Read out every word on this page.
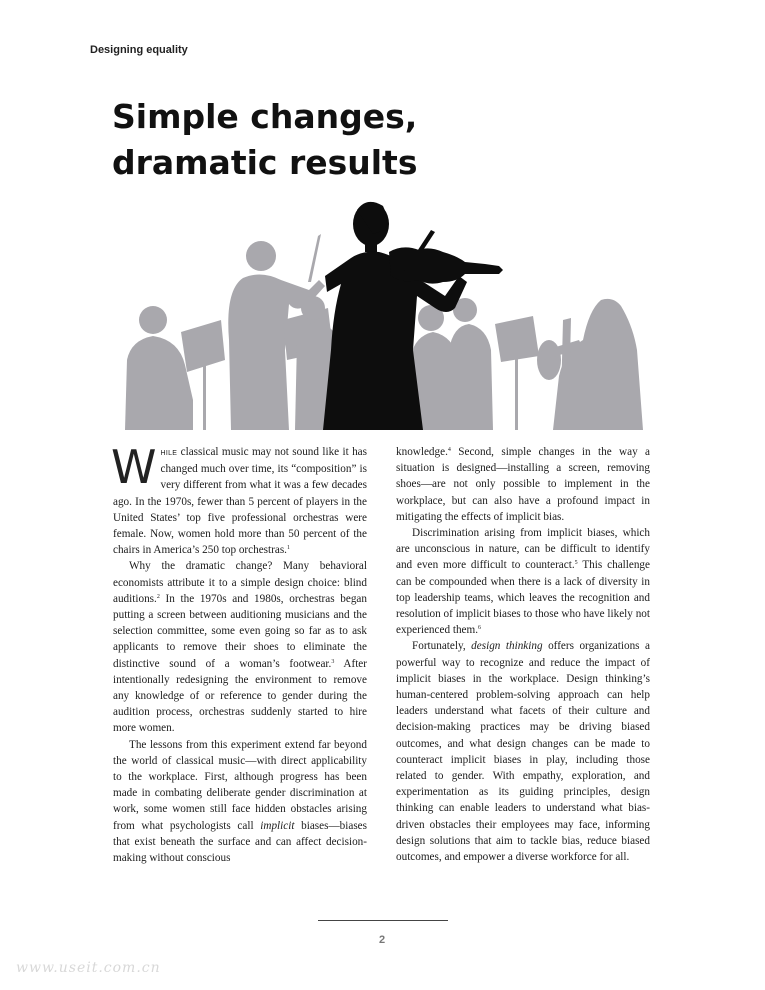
Designing equality
Simple changes,
dramatic results

While classical music may not sound like it has changed much over time, its “composition” is very different from what it was a few decades ago. In the 1970s, fewer than 5 percent of players in the United States’ top five professional orchestras were female. Now, women hold more than 50 percent of the chairs in America’s 250 top orchestras.$^1$

Why the dramatic change? Many behavioral economists attribute it to a simple design choice: blind auditions.$^2$ In the 1970s and 1980s, orchestras began putting a screen between auditioning musicians and the selection committee, some even going so far as to ask applicants to remove their shoes to eliminate the distinctive sound of a woman’s footwear.$^3$ After intentionally redesigning the environment to remove any knowledge of or reference to gender during the audition process, orchestras suddenly started to hire more women.

The lessons from this experiment extend far beyond the world of classical music—with direct applicability to the workplace. First, although progress has been made in combating deliberate gender discrimination at work, some women still face hidden obstacles arising from what psychologists call implicit biases—biases that exist beneath the surface and can affect decision-making without conscious

knowledge.$^4$ Second, simple changes in the way a situation is designed—installing a screen, removing shoes—are not only possible to implement in the workplace, but can also have a profound impact in mitigating the effects of implicit bias.

Discrimination arising from implicit biases, which are unconscious in nature, can be difficult to identify and even more difficult to counteract.$^5$ This challenge can be compounded when there is a lack of diversity in top leadership teams, which leaves the recognition and resolution of implicit biases to those who have likely not experienced them.$^6$

Fortunately, design thinking offers organizations a powerful way to recognize and reduce the impact of implicit biases in the workplace. Design thinking’s human-centered problem-solving approach can help leaders understand what facets of their culture and decision-making practices may be driving biased outcomes, and what design changes can be made to counteract implicit biases in play, including those related to gender. With empathy, exploration, and experimentation as its guiding principles, design thinking can enable leaders to understand what bias-driven obstacles their employees may face, informing design solutions that aim to tackle bias, reduce biased outcomes, and empower a diverse workforce for all.

2
www.useit.com.cn
